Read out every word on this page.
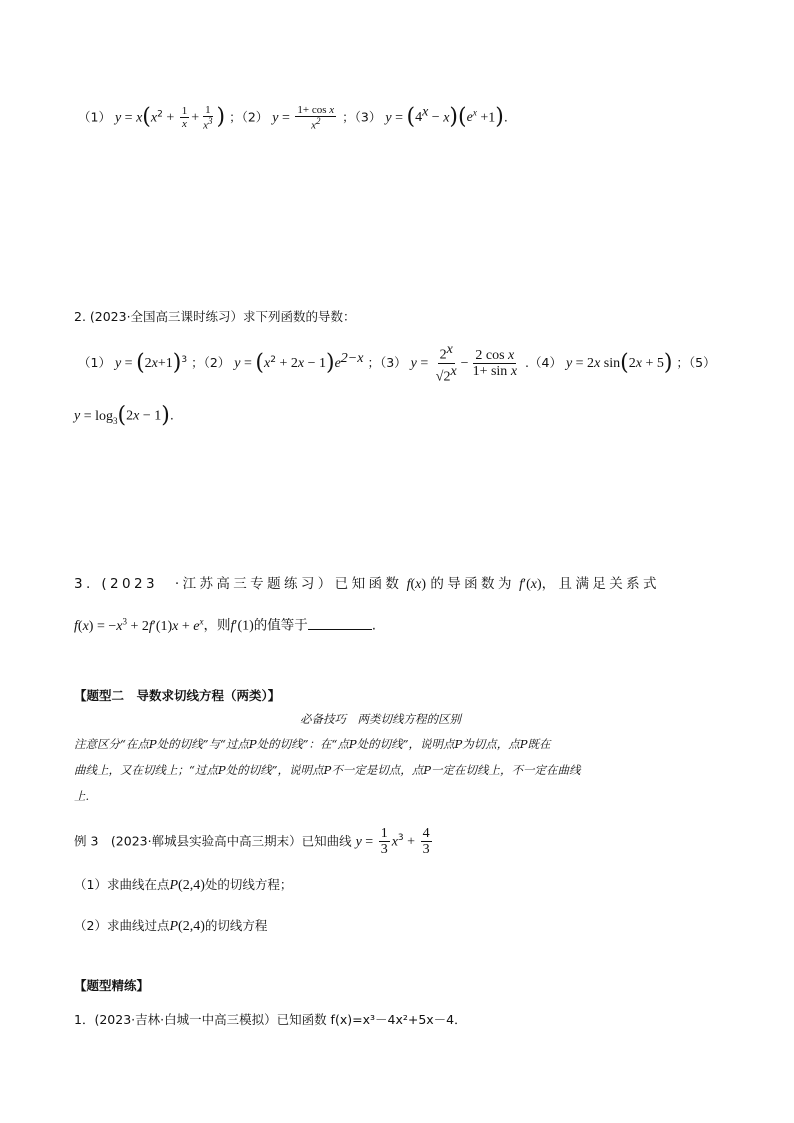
（1） $y = x(x^2 + \frac{1}{x} + \frac{1}{x^3}$ ) ；（2） $y = \frac{\text{1+ cos x}}{x^2}$ ；（3） $y = (4^x - x)(e^x +1)$.
2. (2023·全国高三课时练习）求下列函数的导数：
（1） $y = (2x+1)^3$ ；（2） $y = (x^2 + 2x - 1)e^{2-x}$ ；（3） $y = \frac{2^x}{√2^x} - \frac{\text{2 cos x}}{\text{1+ sin x}} .(4) y = 2x$ sin(2x + 5) ；（5）
$y = \log_3(2x - 1)$.
3. (2023　·江苏高三专题练习）已知函数 f(x) 的导函数为 f′(x)，且满足关系式
$f(x) = -x^3 + 2f'(1)x + e^x$，则f′(1)的值等于	.
【题型二　导数求切线方程（两类）】
必备技巧　两类切线方程的区别
注意区分“在点P处的切线”与“过点P处的切线”：在“点P处的切线”，说明点P为切点，点P既在
曲线上，又在切线上；“过点P处的切线”，说明点P不一定是切点，点P一定在切线上，不一定在曲线
上.
例 3　(2023·郸城县实验高中高三期末）已知曲线 $y = \frac{1}{3} x^3 + \frac{4}{3}$
（1）求曲线在点P(2,4)处的切线方程；
（2）求曲线过点P(2,4)的切线方程
【题型精练】
1．(2023·吉林·白城一中高三模拟）已知函数 f(x)=x³－4x²+5x－4．
